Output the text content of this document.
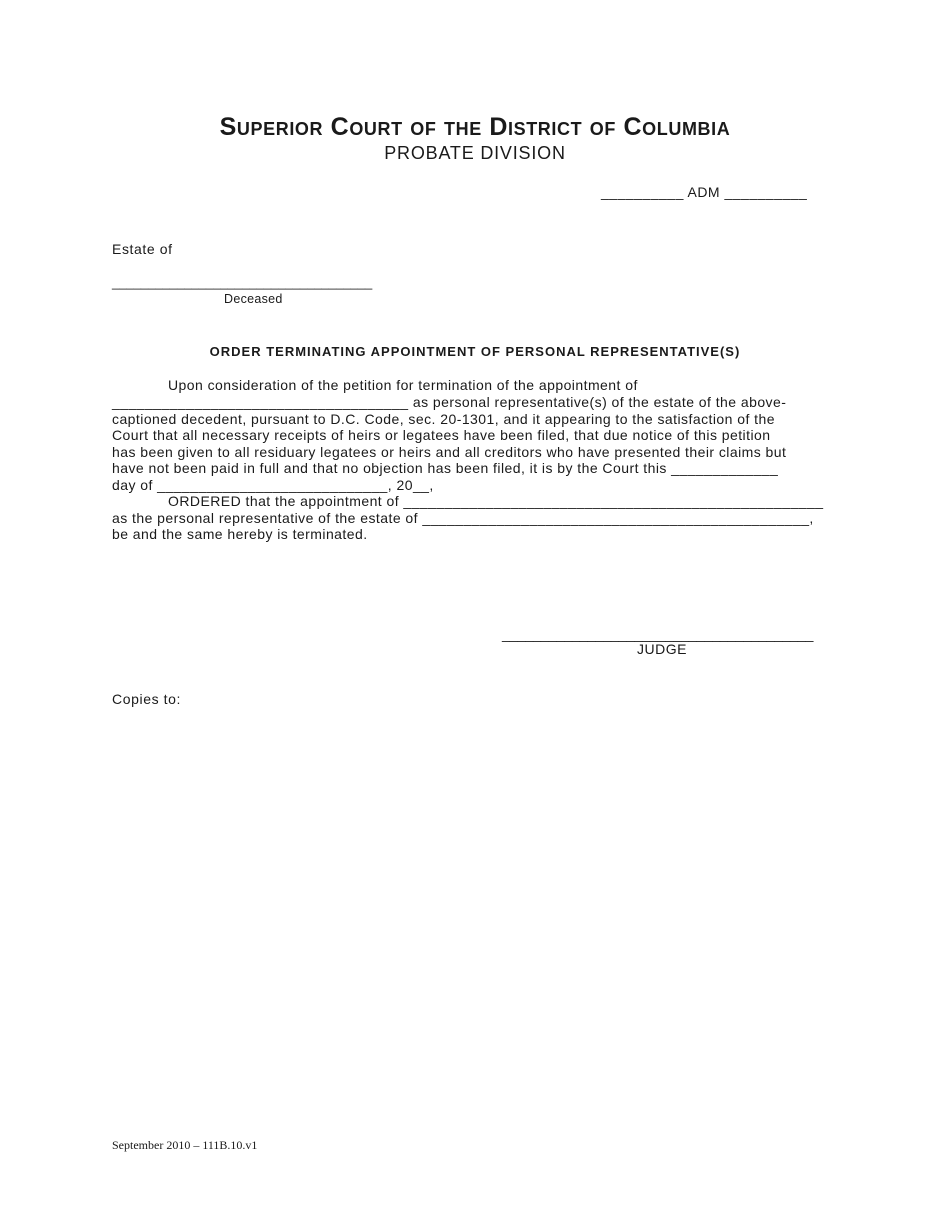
Superior Court of the District of Columbia
PROBATE DIVISION
__________ ADM __________
Estate of
____________________________________
Deceased
ORDER TERMINATING APPOINTMENT OF PERSONAL REPRESENTATIVE(S)
Upon consideration of the petition for termination of the appointment of
____________________________________ as personal representative(s) of the estate of the above-
captioned decedent, pursuant to D.C. Code, sec. 20-1301, and it appearing to the satisfaction of the
Court that all necessary receipts of heirs or legatees have been filed, that due notice of this petition
has been given to all residuary legatees or heirs and all creditors who have presented their claims but
have not been paid in full and that no objection has been filed, it is by the Court this _____________
day of ____________________________, 20__,
ORDERED that the appointment of ___________________________________________________
as the personal representative of the estate of _______________________________________________,
be and the same hereby is terminated.
________________________________________
JUDGE
Copies to:
September 2010 – 111B.10.v1
